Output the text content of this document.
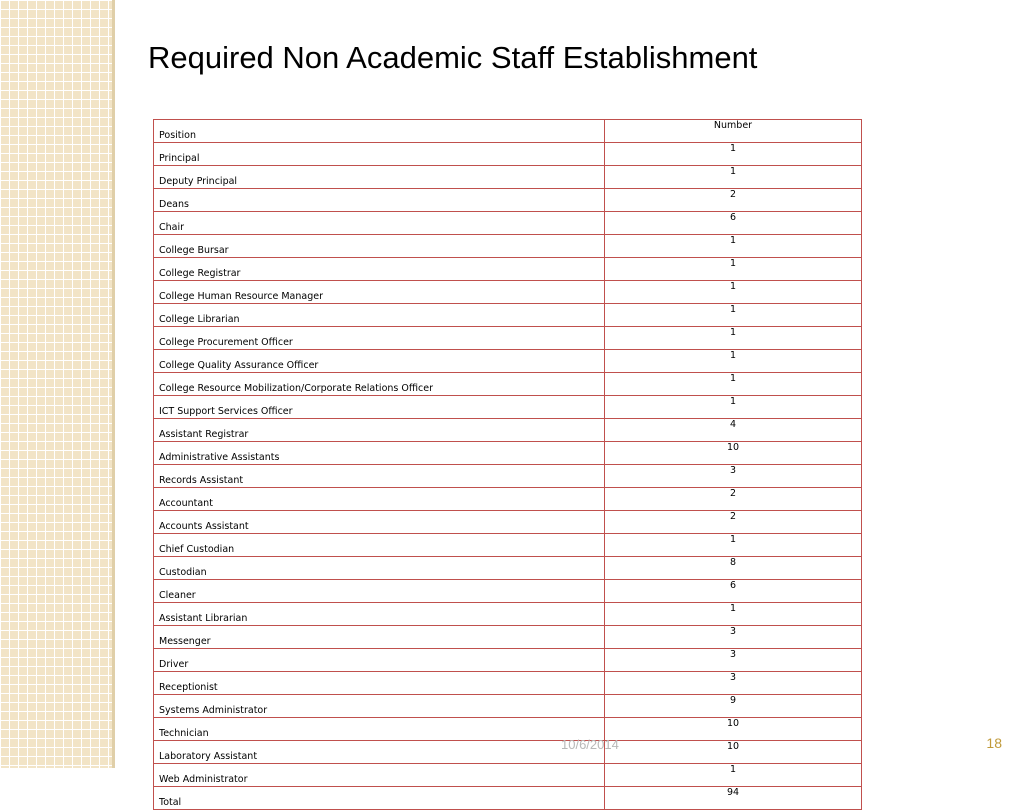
Required Non Academic Staff Establishment
Position	Number
Principal	1
Deputy Principal	1
Deans	2
Chair	6
College Bursar	1
College Registrar	1
College Human Resource Manager	1
College Librarian	1
College Procurement Officer	1
College Quality Assurance Officer	1
College Resource Mobilization/Corporate Relations Officer	1
ICT Support Services Officer	1
Assistant Registrar	4
Administrative Assistants	10
Records Assistant	3
Accountant	2
Accounts Assistant	2
Chief Custodian	1
Custodian	8
Cleaner	6
Assistant Librarian	1
Messenger	3
Driver	3
Receptionist	3
Systems Administrator	9
Technician	10
Laboratory Assistant	10
Web Administrator	1
Total	94
10/6/2014	18
